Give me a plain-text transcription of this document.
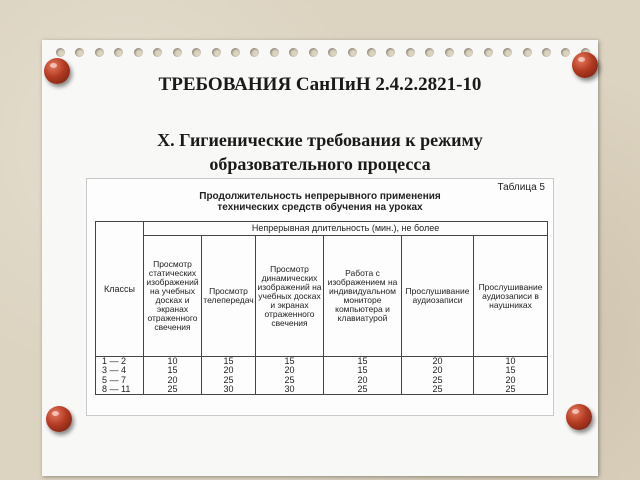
ТРЕБОВАНИЯ СанПиН 2.4.2.2821-10
X. Гигиенические требования к режиму образовательного процесса
Таблица 5
Продолжительность непрерывного применения
технических средств обучения на уроках
Классы	Непрерывная длительность (мин.), не более					
	Просмотр статических изображений на учебных досках и экранах отраженного свечения	Просмотр телепередач	Просмотр динамических изображений на учебных досках и экранах отраженного свечения	Работа с изображением на индивидуальном мониторе компьютера и клавиатурой	Прослушивание аудиозаписи	Прослушивание аудиозаписи в наушниках
1 — 2	10	15	15	15	20	10
3 — 4	15	20	20	15	20	15
5 — 7	20	25	25	20	25	20
8 — 11	25	30	30	25	25	25
